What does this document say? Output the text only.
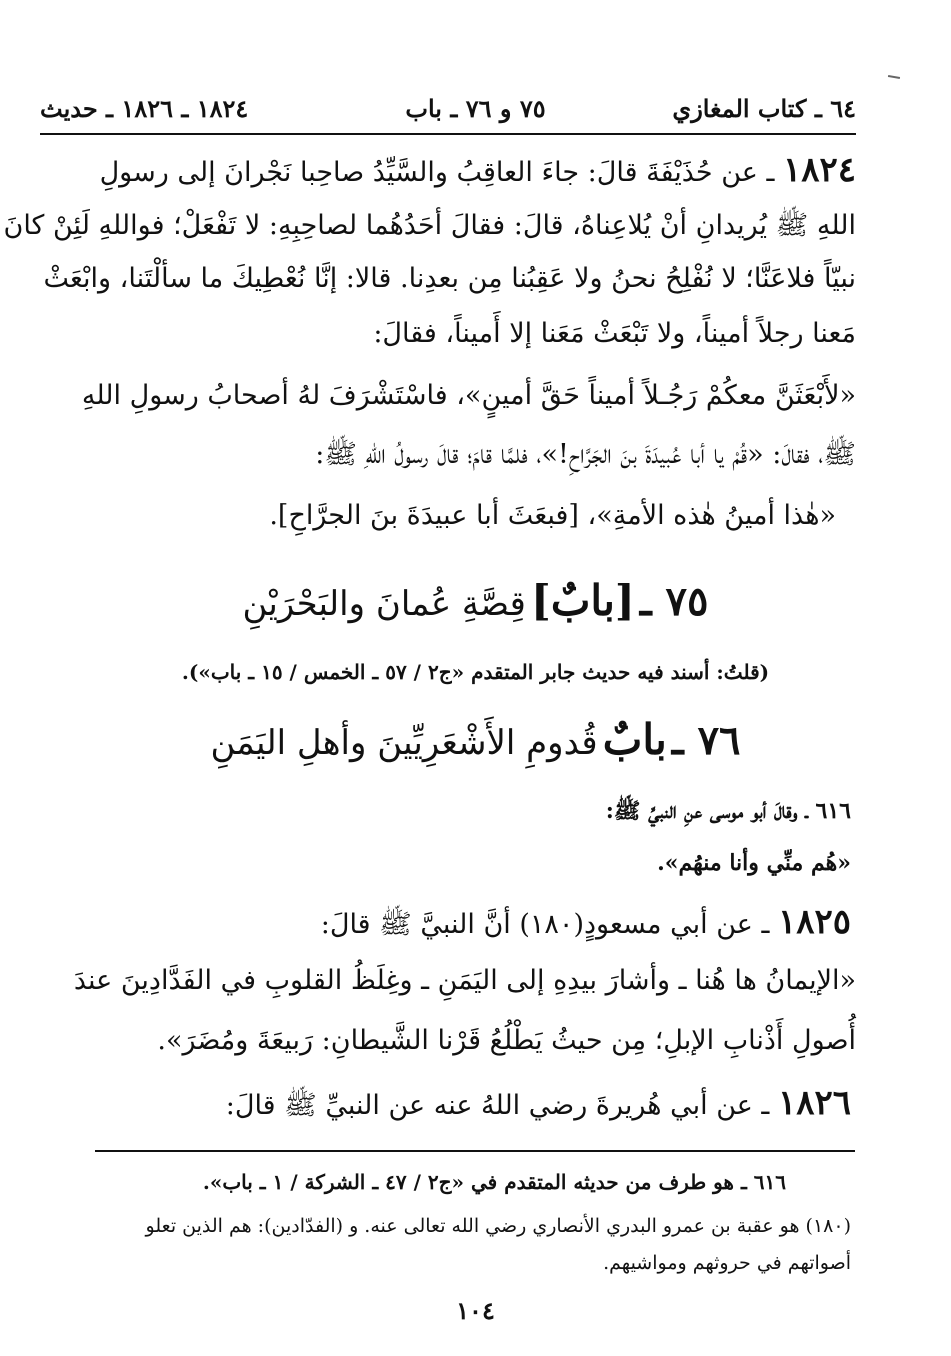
٦٤ ـ كتاب المغازي
٧٥ و ٧٦ ـ باب
١٨٢٤ ـ ١٨٢٦ ـ حديث
١٨٢٤ ـ عن حُذَيْفَةَ قالَ: جاءَ العاقِبُ والسَّيِّدُ صاحِبا نَجْرانَ إلى رسولِ
اللهِ ﷺ يُريدانِ أنْ يُلاعِناهُ، قالَ: فقالَ أحَدُهُما لصاحِبِهِ: لا تَفْعَلْ؛ فواللهِ لَئِنْ كانَ
نبيّاً فلاعَنَّا؛ لا نُفْلِحُ نحنُ ولا عَقِبُنا مِن بعدِنا. قالا: إنَّا نُعْطِيكَ ما سألْتَنا، وابْعَثْ
مَعنا رجلاً أميناً، ولا تَبْعَثْ مَعَنا إلا أَميناً، فقالَ:
«لأَبْعَثَنَّ معكُمْ رَجُـلاً أميناً حَقَّ أمينٍ»، فاسْتَشْرَفَ لهُ أصحابُ رسولِ اللهِ
ﷺ، فقالَ: «قُمْ يا أبا عُبيدَةَ بنَ الجَرَّاحِ!»، فلمَّا قامَ؛ قالَ رسولُ اللهِ ﷺ:
«هٰذا أمينُ هٰذه الأمةِ»، [فبعَثَ أبا عبيدَةَ بنَ الجرَّاحِ].
٧٥ ـ [بابٌ] قِصَّةِ عُمانَ والبَحْرَيْنِ
(قلتُ: أسند فيه حديث جابر المتقدم «ج٢ / ٥٧ ـ الخمس / ١٥ ـ باب»).
٧٦ ـ بابٌ قُدومِ الأَشْعَرِيِّينَ وأهلِ اليَمَنِ
٦١٦ ـ وقالَ أبو موسى عنِ النبيِّ ﷺ:
«هُم منِّي وأنا منهُم».
١٨٢٥ ـ عن أبي مسعودٍ(١٨٠) أنَّ النبيَّ ﷺ قالَ:
«الإيمانُ ها هُنا ـ وأشارَ بيدِهِ إلى اليَمَنِ ـ وغِلَظُ القلوبِ في الفَدَّادِينَ عندَ
أُصولِ أَذْنابِ الإبلِ؛ مِن حيثُ يَطْلُعُ قَرْنا الشَّيطانِ: رَبيعَةَ ومُضَرَ».
١٨٢٦ ـ عن أبي هُريرةَ رضي اللهُ عنه عن النبيِّ ﷺ قالَ:
٦١٦ ـ هو طرف من حديثه المتقدم في «ج٢ / ٤٧ ـ الشركة / ١ ـ باب».
(١٨٠) هو عقبة بن عمرو البدري الأنصاري رضي الله تعالى عنه. و (الفدّادين): هم الذين تعلو
أصواتهم في حروثهم ومواشيهم.
١٠٤
